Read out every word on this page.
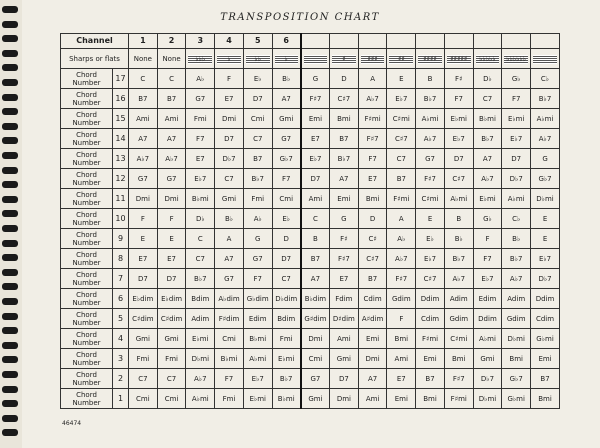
TRANSPOSITION CHART
Channel		1	2	3	4	5	6									
Sharps or flats		None	None	♭♭♭	♭	♭♭	♭		♯	♯♯♯	♯♯	♯♯♯♯	♯♯♯♯♯	♭♭♭♭♭	♭♭♭♭♭♭	

Chord Number	17	C	C	A♭	F	E♭	B♭	G	D	A	E	B	F♯	D♭	G♭	C♭
Chord Number	16	B7	B7	G7	E7	D7	A7	F♯7	C♯7	A♭7	E♭7	B♭7	F7	C7	F7	B♭7
Chord Number	15	Ami	Ami	Fmi	Dmi	Cmi	Gmi	Emi	Bmi	F♯mi	C♯mi	A♭mi	E♭mi	B♭mi	E♭mi	A♭mi
Chord Number	14	A7	A7	F7	D7	C7	G7	E7	B7	F♯7	C♯7	A♭7	E♭7	B♭7	E♭7	A♭7
Chord Number	13	A♭7	A♭7	E7	D♭7	B7	G♭7	E♭7	B♭7	F7	C7	G7	D7	A7	D7	G
Chord Number	12	G7	G7	E♭7	C7	B♭7	F7	D7	A7	E7	B7	F♯7	C♯7	A♭7	D♭7	G♭7
Chord Number	11	Dmi	Dmi	B♭mi	Gmi	Fmi	Cmi	Ami	Emi	Bmi	F♯mi	C♯mi	A♭mi	E♭mi	A♭mi	D♭mi
Chord Number	10	F	F	D♭	B♭	A♭	E♭	C	G	D	A	E	B	G♭	C♭	E
Chord Number	9	E	E	C	A	G	D	B	F♯	C♯	A♭	E♭	B♭	F	B♭	E
Chord Number	8	E7	E7	C7	A7	G7	D7	B7	F♯7	C♯7	A♭7	E♭7	B♭7	F7	B♭7	E♭7
Chord Number	7	D7	D7	B♭7	G7	F7	C7	A7	E7	B7	F♯7	C♯7	A♭7	E♭7	A♭7	D♭7
Chord Number	6	E♭dim	E♭dim	Bdim	A♭dim	G♭dim	D♭dim	B♭dim	Fdim	Cdim	Gdim	Ddim	Adim	Edim	Adim	Ddim
Chord Number	5	C♯dim	C♯dim	Adim	F♯dim	Edim	Bdim	G♯dim	D♯dim	A♯dim	F	Cdim	Gdim	Ddim	Gdim	Cdim
Chord Number	4	Gmi	Gmi	E♭mi	Cmi	B♭mi	Fmi	Dmi	Ami	Emi	Bmi	F♯mi	C♯mi	A♭mi	D♭mi	G♭mi
Chord Number	3	Fmi	Fmi	D♭mi	B♭mi	A♭mi	E♭mi	Cmi	Gmi	Dmi	Ami	Emi	Bmi	Gmi	Bmi	Emi
Chord Number	2	C7	C7	A♭7	F7	E♭7	B♭7	G7	D7	A7	E7	B7	F♯7	D♭7	G♭7	B7
Chord Number	1	Cmi	Cmi	A♭mi	Fmi	E♭mi	B♭mi	Gmi	Dmi	Ami	Emi	Bmi	F♯mi	D♭mi	G♭mi	Bmi
46474
